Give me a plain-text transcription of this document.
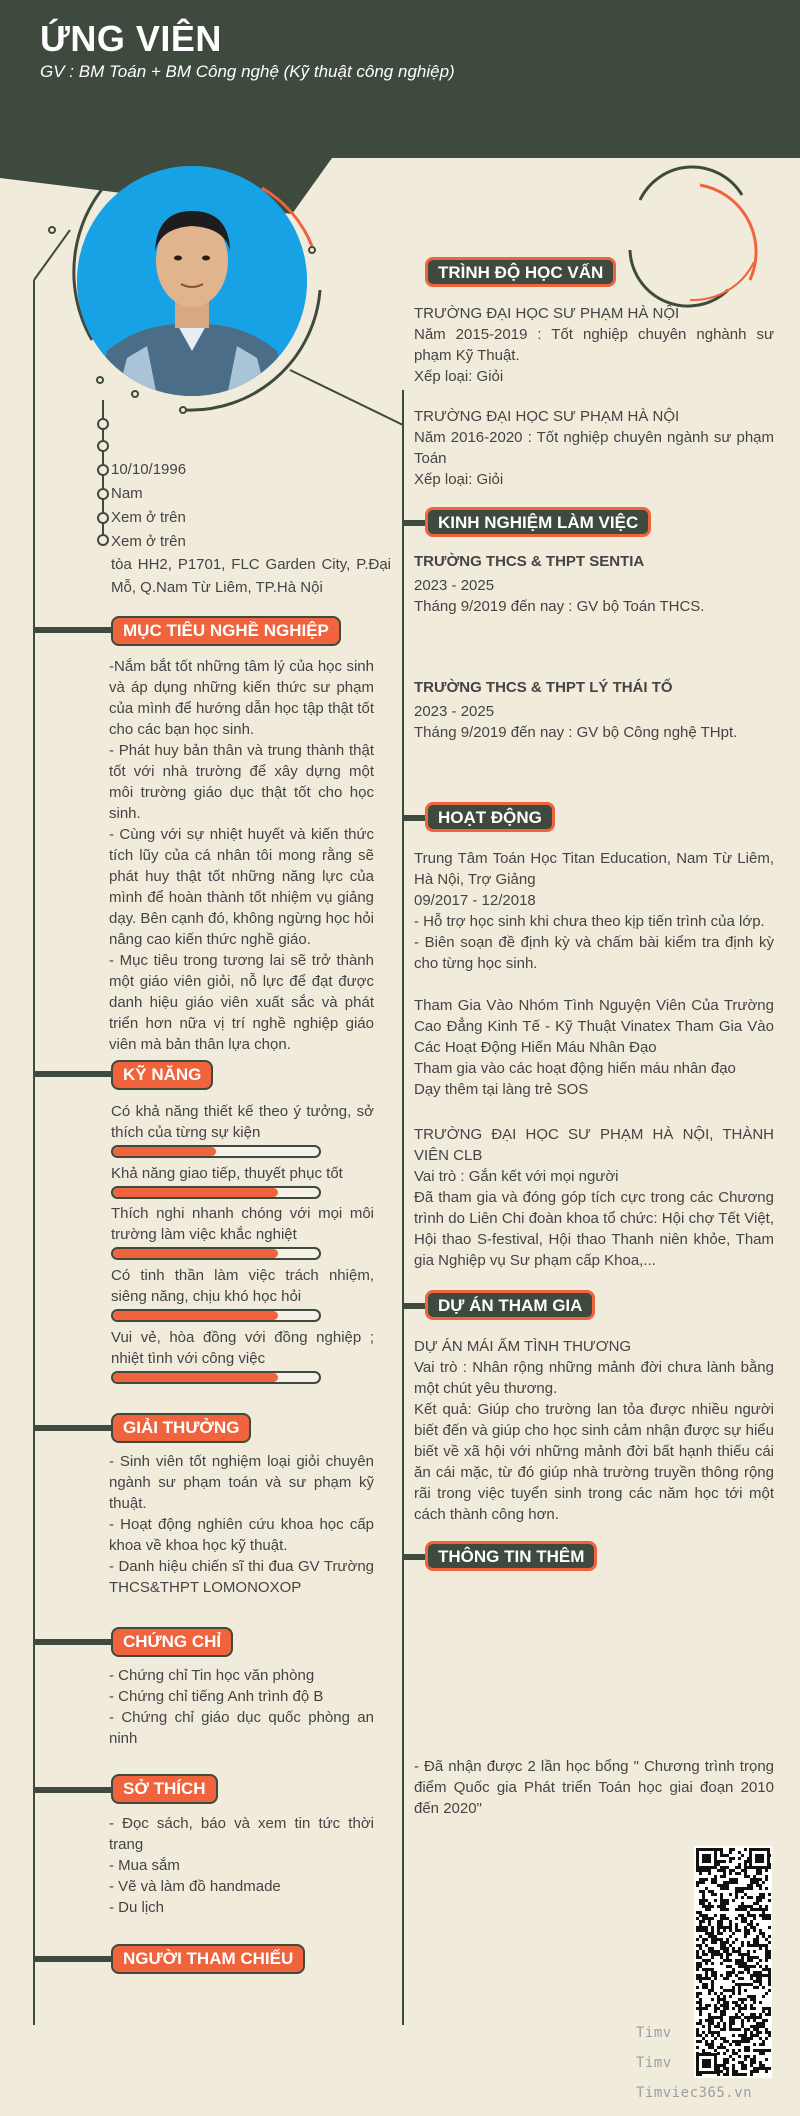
ỨNG VIÊN
GV : BM Toán + BM Công nghệ (Kỹ thuật công nghiệp)
10/10/1996
Nam
Xem ở trên
Xem ở trên
tòa HH2, P1701, FLC Garden City, P.Đại Mỗ, Q.Nam Từ Liêm, TP.Hà Nội
MỤC TIÊU NGHỀ NGHIỆP
-Nắm bắt tốt những tâm lý của học sinh và áp dụng những kiến thức sư phạm của mình để hướng dẫn học tập thật tốt cho các bạn học sinh.
- Phát huy bản thân và trung thành thật tốt với nhà trường để xây dựng một môi trường giáo dục thật tốt cho học sinh.
- Cùng với sự nhiệt huyết và kiến thức tích lũy của cá nhân tôi mong rằng sẽ phát huy thật tốt những năng lực của mình để hoàn thành tốt nhiệm vụ giảng dạy. Bên cạnh đó, không ngừng học hỏi nâng cao kiến thức nghề giáo.
- Mục tiêu trong tương lai sẽ trở thành một giáo viên giỏi, nỗ lực để đạt được danh hiệu giáo viên xuất sắc và phát triển hơn nữa vị trí nghề nghiệp giáo viên mà bản thân lựa chọn.
KỸ NĂNG
Có khả năng thiết kế theo ý tưởng, sở thích của từng sự kiện
Khả năng giao tiếp, thuyết phục tốt
Thích nghi nhanh chóng với mọi môi trường làm việc khắc nghiệt
Có tinh thần làm việc trách nhiệm, siêng năng, chịu khó học hỏi
Vui vẻ, hòa đồng với đồng nghiệp ; nhiệt tình với công việc
GIẢI THƯỞNG
- Sinh viên tốt nghiệm loại giỏi chuyên ngành sư phạm toán và sư phạm kỹ thuật.
- Hoạt động nghiên cứu khoa học cấp khoa về khoa học kỹ thuật.
- Danh hiệu chiến sĩ thi đua GV Trường THCS&THPT LOMONOXOP
CHỨNG CHỈ
- Chứng chỉ Tin học văn phòng
- Chứng chỉ tiếng Anh trình độ B
- Chứng chỉ giáo dục quốc phòng an ninh
SỞ THÍCH
- Đọc sách, báo và xem tin tức thời trang
- Mua sắm
- Vẽ và làm đồ handmade
- Du lịch
NGƯỜI THAM CHIẾU
TRÌNH ĐỘ HỌC VẤN
TRƯỜNG ĐẠI HỌC SƯ PHẠM HÀ NỘI
Năm 2015-2019 : Tốt nghiệp chuyên nghành sư phạm Kỹ Thuật.
Xếp loại: Giỏi
TRƯỜNG ĐẠI HỌC SƯ PHẠM HÀ NỘI
Năm 2016-2020 : Tốt nghiệp chuyên ngành sư phạm Toán
Xếp loại: Giỏi
KINH NGHIỆM LÀM VIỆC
TRƯỜNG THCS & THPT SENTIA
2023 - 2025
Tháng 9/2019 đến nay : GV bộ Toán THCS.
TRƯỜNG THCS & THPT LÝ THÁI TỔ
2023 - 2025
Tháng 9/2019 đến nay : GV bộ Công nghệ THpt.
HOẠT ĐỘNG
Trung Tâm Toán Học Titan Education, Nam Từ Liêm, Hà Nội, Trợ Giảng
09/2017 - 12/2018
- Hỗ trợ học sinh khi chưa theo kịp tiến trình của lớp.
- Biên soạn đề định kỳ và chấm bài kiểm tra định kỳ cho từng học sinh.
Tham Gia Vào Nhóm Tình Nguyện Viên Của Trường Cao Đẳng Kinh Tế - Kỹ Thuật Vinatex Tham Gia Vào Các Hoạt Động Hiến Máu Nhân Đạo
Tham gia vào các hoạt động hiến máu nhân đạo
Dạy thêm tại làng trẻ SOS
TRƯỜNG ĐẠI HỌC SƯ PHẠM HÀ NỘI, THÀNH VIÊN CLB
Vai trò : Gắn kết với mọi người
Đã tham gia và đóng góp tích cực trong các Chương trình do Liên Chi đoàn khoa tổ chức: Hội chợ Tết Việt, Hội thao S-festival, Hội thao Thanh niên khỏe, Tham gia Nghiệp vụ Sư phạm cấp Khoa,...
DỰ ÁN THAM GIA
DỰ ÁN MÁI ẤM TÌNH THƯƠNG
Vai trò : Nhân rộng những mảnh đời chưa lành bằng một chút yêu thương.
Kết quả: Giúp cho trường lan tỏa được nhiều người biết đến và giúp cho học sinh cảm nhận được sự hiểu biết về xã hội với những mảnh đời bất hạnh thiếu cái ăn cái mặc, từ đó giúp nhà trường truyền thông rộng rãi trong việc tuyển sinh trong các năm học tới một cách thành công hơn.
THÔNG TIN THÊM
- Đã nhận được 2 lần học bổng " Chương trình trọng điểm Quốc gia Phát triển Toán học giai đoạn 2010 đến 2020"
Timv
Timv
Timviec365.vn
